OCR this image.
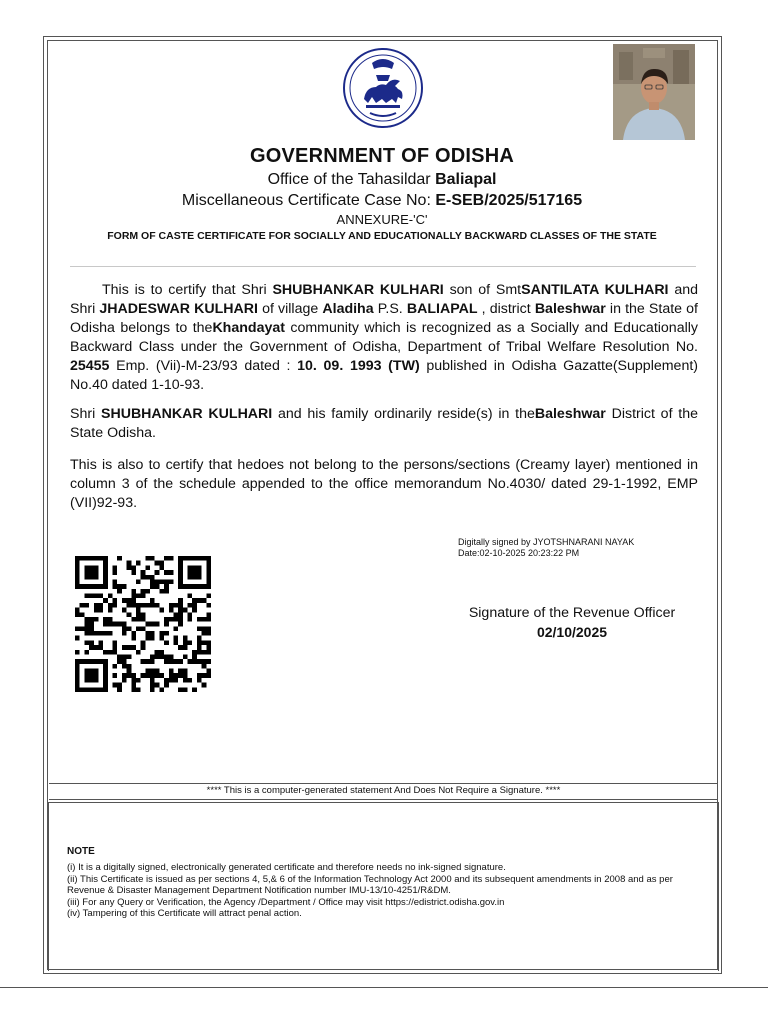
GOVERNMENT OF ODISHA
Office of the Tahasildar Baliapal
Miscellaneous Certificate Case No: E-SEB/2025/517165
ANNEXURE-'C'
FORM OF CASTE CERTIFICATE FOR SOCIALLY AND EDUCATIONALLY BACKWARD CLASSES OF THE STATE
This is to certify that Shri SHUBHANKAR KULHARI son of SmtSANTILATA KULHARI and Shri JHADESWAR KULHARI of village Aladiha P.S. BALIAPAL , district Baleshwar in the State of Odisha belongs to theKhandayat community which is recognized as a Socially and Educationally Backward Class under the Government of Odisha, Department of Tribal Welfare Resolution No. 25455 Emp. (Vii)-M-23/93 dated : 10. 09. 1993 (TW) published in Odisha Gazatte(Supplement) No.40 dated 1-10-93.
Shri SHUBHANKAR KULHARI and his family ordinarily reside(s) in theBaleshwar District of the State Odisha.
This is also to certify that hedoes not belong to the persons/sections (Creamy layer) mentioned in column 3 of the schedule appended to the office memorandum No.4030/ dated 29-1-1992, EMP (VII)92-93.
Digitally signed by JYOTSHNARANI NAYAK
Date:02-10-2025 20:23:22 PM
Signature of the Revenue Officer
02/10/2025
**** This is a computer-generated statement And Does Not Require a Signature. ****
NOTE
(i) It is a digitally signed, electronically generated certificate and therefore needs no ink-signed signature.
(ii) This Certificate is issued as per sections 4, 5,& 6 of the Information Technology Act 2000 and its subsequent amendments in 2008 and as per Revenue & Disaster Management Department Notification number IMU-13/10-4251/R&DM.
(iii) For any Query or Verification, the Agency /Department / Office may visit https://edistrict.odisha.gov.in
(iv) Tampering of this Certificate will attract penal action.
